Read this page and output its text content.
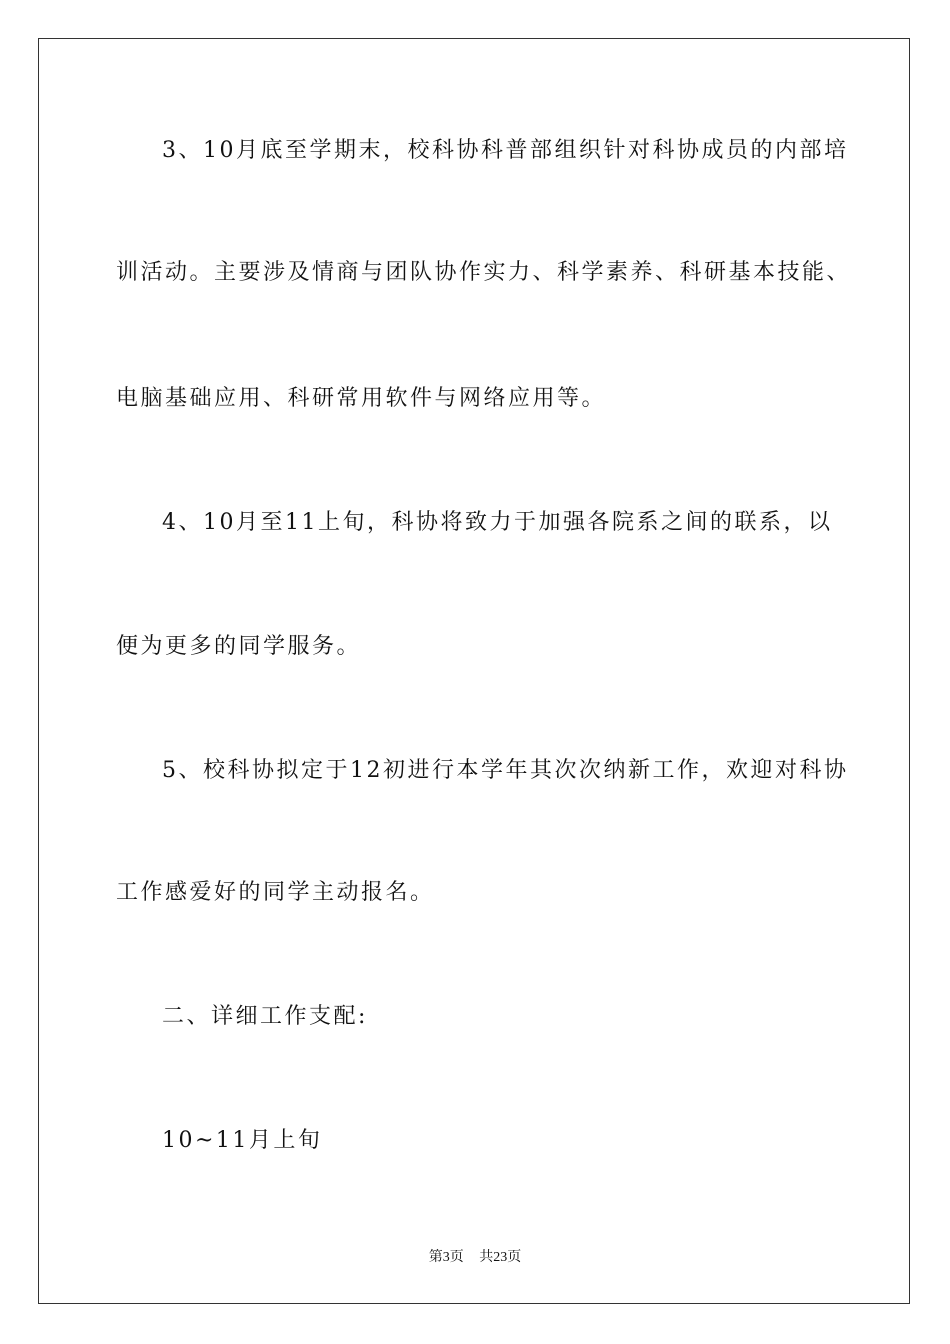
3、10月底至学期末，校科协科普部组织针对科协成员的内部培
训活动。主要涉及情商与团队协作实力、科学素养、科研基本技能、
电脑基础应用、科研常用软件与网络应用等。
4、10月至11上旬，科协将致力于加强各院系之间的联系，以
便为更多的同学服务。
5、校科协拟定于12初进行本学年其次次纳新工作，欢迎对科协
工作感爱好的同学主动报名。
二、详细工作支配:
10~11月上旬
第3页 共23页
